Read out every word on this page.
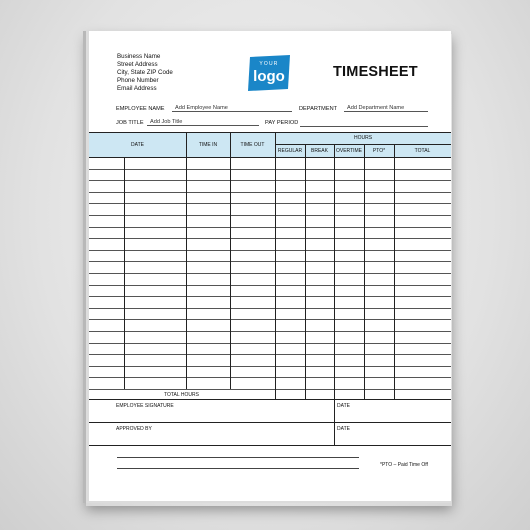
Business Name
Street Address
City, State ZIP Code
Phone Number
Email Address
YOUR
logo	TIMESHEET
EMPLOYEE NAME	Add Employee Name	DEPARTMENT	Add Department Name
JOB TITLE	Add Job Title	PAY PERIOD
HOURS
DATE	TIME IN	TIME OUT
REGULAR	BREAK	OVERTIME	PTO*	TOTAL
TOTAL HOURS
EMPLOYEE SIGNATURE	DATE
APPROVED BY	DATE
*PTO – Paid Time Off
